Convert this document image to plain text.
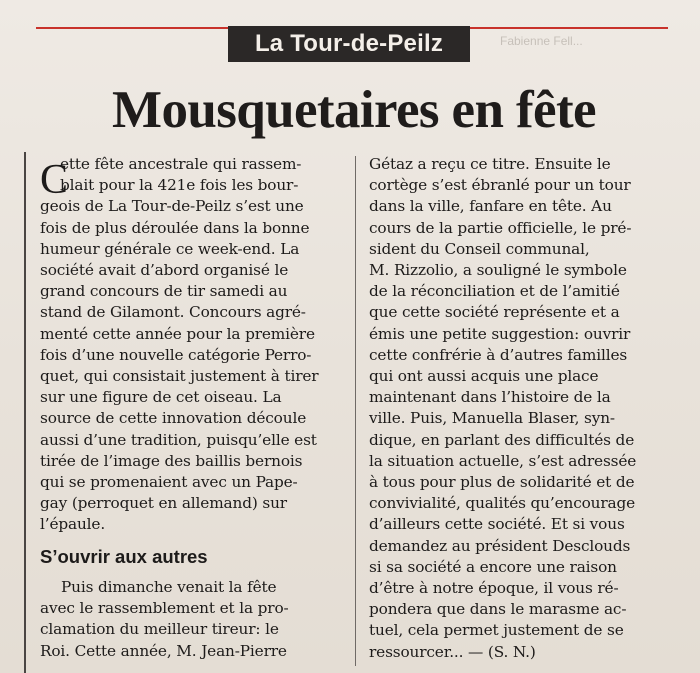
Fabienne Fell...
La Tour-de-Peilz
Mousquetaires en fête
C

ette fête ancestrale qui rassem-

blait pour la 421e fois les bour-

geois de La Tour-de-Peilz s’est une

fois de plus déroulée dans la bonne

humeur générale ce week-end. La

société avait d’abord organisé le

grand concours de tir samedi au

stand de Gilamont. Concours agré-

menté cette année pour la première

fois d’une nouvelle catégorie Perro-

quet, qui consistait justement à tirer

sur une figure de cet oiseau. La

source de cette innovation découle

aussi d’une tradition, puisqu’elle est

tirée de l’image des baillis bernois

qui se promenaient avec un Pape-

gay (perroquet en allemand) sur

l’épaule.

S’ouvrir aux autres

Puis dimanche venait la fête

avec le rassemblement et la pro-

clamation du meilleur tireur: le

Roi. Cette année, M. Jean-Pierre

Gétaz a reçu ce titre. Ensuite le

cortège s’est ébranlé pour un tour

dans la ville, fanfare en tête. Au

cours de la partie officielle, le pré-

sident du Conseil communal,

M. Rizzolio, a souligné le symbole

de la réconciliation et de l’amitié

que cette société représente et a

émis une petite suggestion: ouvrir

cette confrérie à d’autres familles

qui ont aussi acquis une place

maintenant dans l’histoire de la

ville. Puis, Manuella Blaser, syn-

dique, en parlant des difficultés de

la situation actuelle, s’est adressée

à tous pour plus de solidarité et de

convivialité, qualités qu’encourage

d’ailleurs cette société. Et si vous

demandez au président Desclouds

si sa société a encore une raison

d’être à notre époque, il vous ré-

pondera que dans le marasme ac-

tuel, cela permet justement de se

ressourcer... — (S. N.)
